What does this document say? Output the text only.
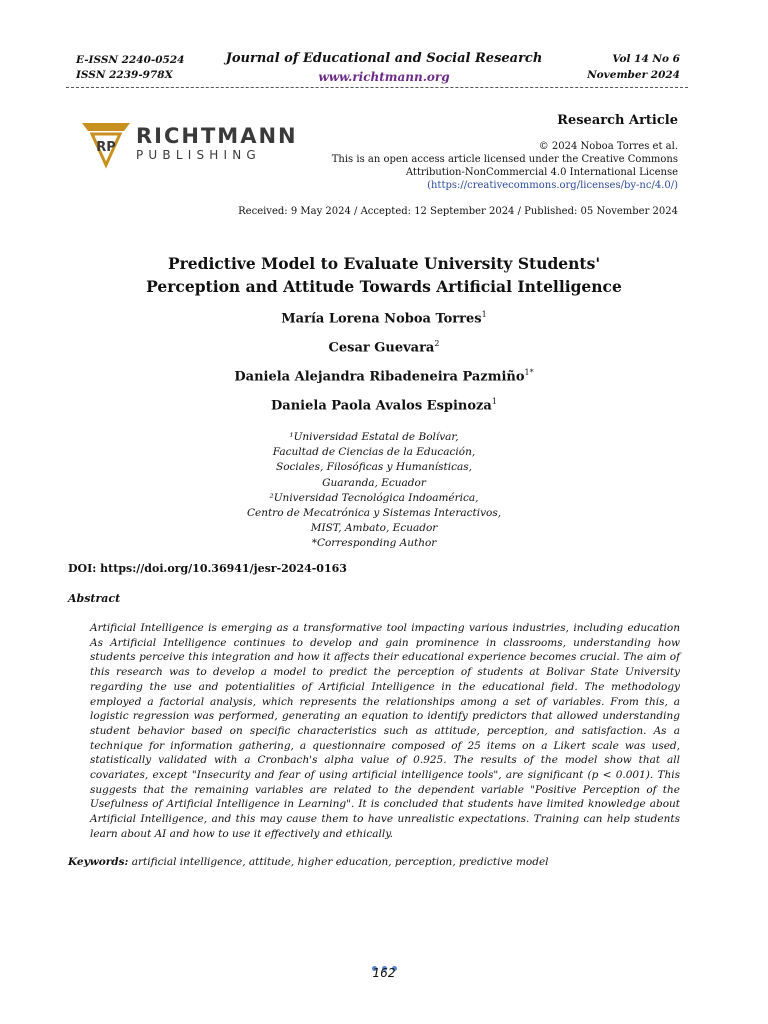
E-ISSN 2240-0524
ISSN 2239-978X
Journal of Educational and Social Research
www.richtmann.org
Vol 14 No 6
November 2024
RP RICHTMANN
PUBLISHING
Research Article
© 2024 Noboa Torres et al.
This is an open access article licensed under the Creative Commons
Attribution-NonCommercial 4.0 International License
(https://creativecommons.org/licenses/by-nc/4.0/)
Received: 9 May 2024 / Accepted: 12 September 2024 / Published: 05 November 2024
Predictive Model to Evaluate University Students'
Perception and Attitude Towards Artificial Intelligence
María Lorena Noboa Torres$^1$
Cesar Guevara$^2$
Daniela Alejandra Ribadeneira Pazmiño$^{1*}$
Daniela Paola Avalos Espinoza$^1$
¹Universidad Estatal de Bolívar,
Facultad de Ciencias de la Educación,
Sociales, Filosóficas y Humanísticas,
Guaranda, Ecuador
²Universidad Tecnológica Indoamérica,
Centro de Mecatrónica y Sistemas Interactivos,
MIST, Ambato, Ecuador
*Corresponding Author
DOI: https://doi.org/10.36941/jesr-2024-0163
Abstract
Artificial Intelligence is emerging as a transformative tool impacting various industries, including education As Artificial Intelligence continues to develop and gain prominence in classrooms, understanding how students perceive this integration and how it affects their educational experience becomes crucial. The aim of this research was to develop a model to predict the perception of students at Bolivar State University regarding the use and potentialities of Artificial Intelligence in the educational field. The methodology employed a factorial analysis, which represents the relationships among a set of variables. From this, a logistic regression was performed, generating an equation to identify predictors that allowed understanding student behavior based on specific characteristics such as attitude, perception, and satisfaction. As a technique for information gathering, a questionnaire composed of 25 items on a Likert scale was used, statistically validated with a Cronbach's alpha value of 0.925. The results of the model show that all covariates, except "Insecurity and fear of using artificial intelligence tools", are significant (p < 0.001). This suggests that the remaining variables are related to the dependent variable "Positive Perception of the Usefulness of Artificial Intelligence in Learning". It is concluded that students have limited knowledge about Artificial Intelligence, and this may cause them to have unrealistic expectations. Training can help students learn about AI and how to use it effectively and ethically.
Keywords: artificial intelligence, attitude, higher education, perception, predictive model
162
